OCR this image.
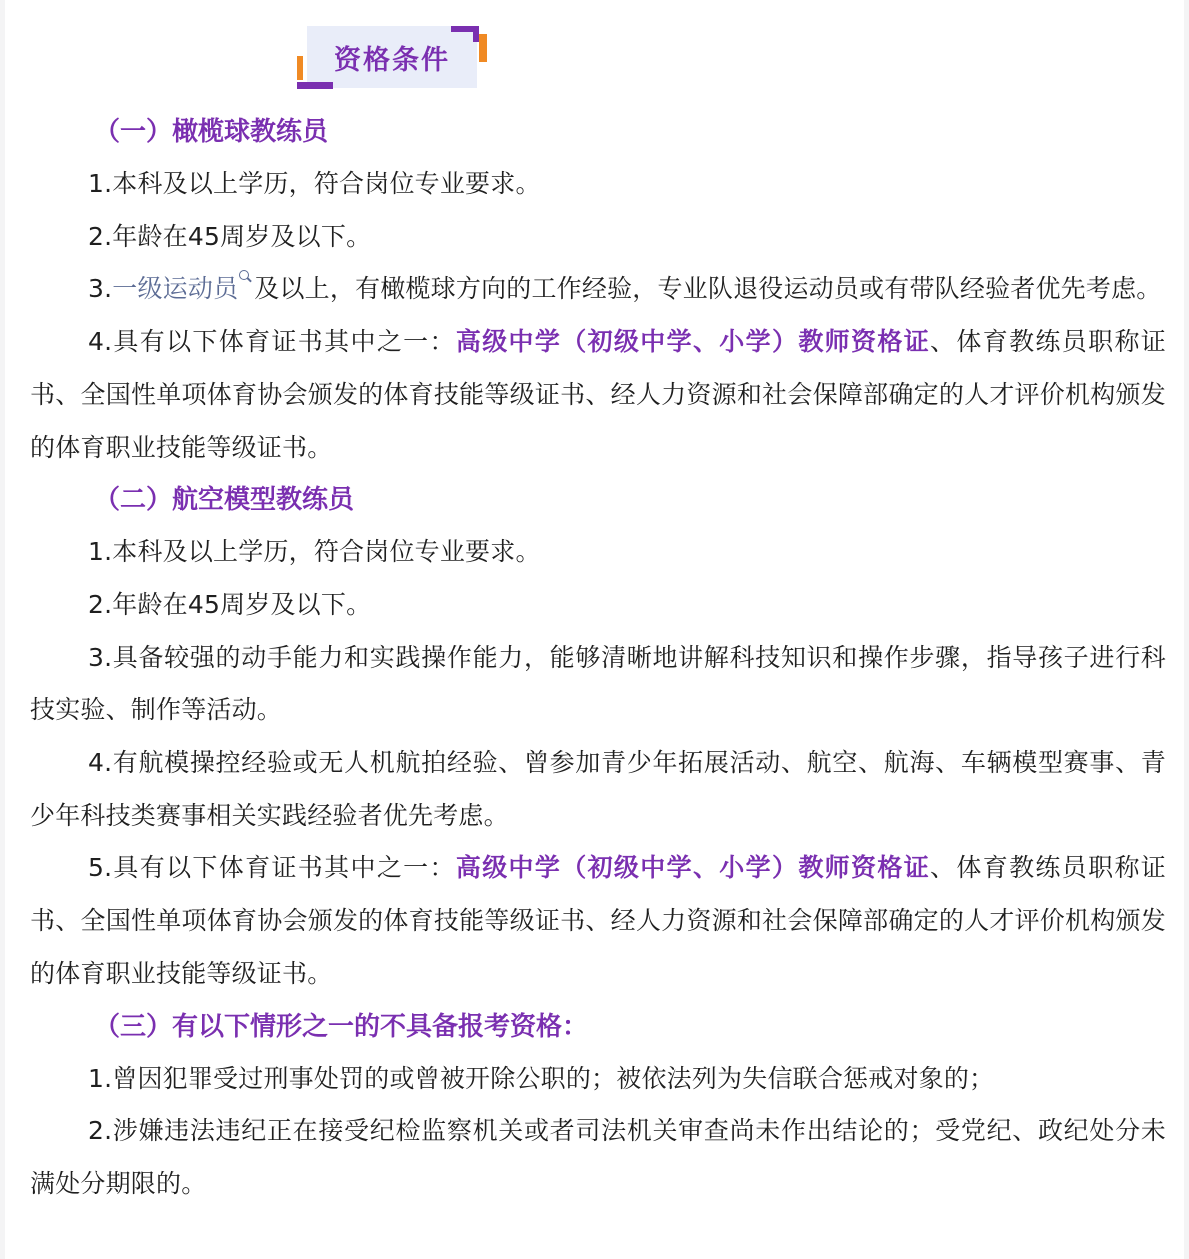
资格条件

（一）橄榄球教练员

1.本科及以上学历，符合岗位专业要求。

2.年龄在45周岁及以下。

3.一级运动员 及以上，有橄榄球方向的工作经验，专业队退役运动员或有带队经验者优先考虑。

4.具有以下体育证书其中之一：高级中学（初级中学、小学）教师资格证、体育教练员职称证书、全国性单项体育协会颁发的体育技能等级证书、经人力资源和社会保障部确定的人才评价机构颁发的体育职业技能等级证书。

（二）航空模型教练员

1.本科及以上学历，符合岗位专业要求。

2.年龄在45周岁及以下。

3.具备较强的动手能力和实践操作能力，能够清晰地讲解科技知识和操作步骤，指导孩子进行科技实验、制作等活动。

4.有航模操控经验或无人机航拍经验、曾参加青少年拓展活动、航空、航海、车辆模型赛事、青少年科技类赛事相关实践经验者优先考虑。

5.具有以下体育证书其中之一：高级中学（初级中学、小学）教师资格证、体育教练员职称证书、全国性单项体育协会颁发的体育技能等级证书、经人力资源和社会保障部确定的人才评价机构颁发的体育职业技能等级证书。

（三）有以下情形之一的不具备报考资格：

1.曾因犯罪受过刑事处罚的或曾被开除公职的；被依法列为失信联合惩戒对象的；

2.涉嫌违法违纪正在接受纪检监察机关或者司法机关审查尚未作出结论的；受党纪、政纪处分未满处分期限的。
